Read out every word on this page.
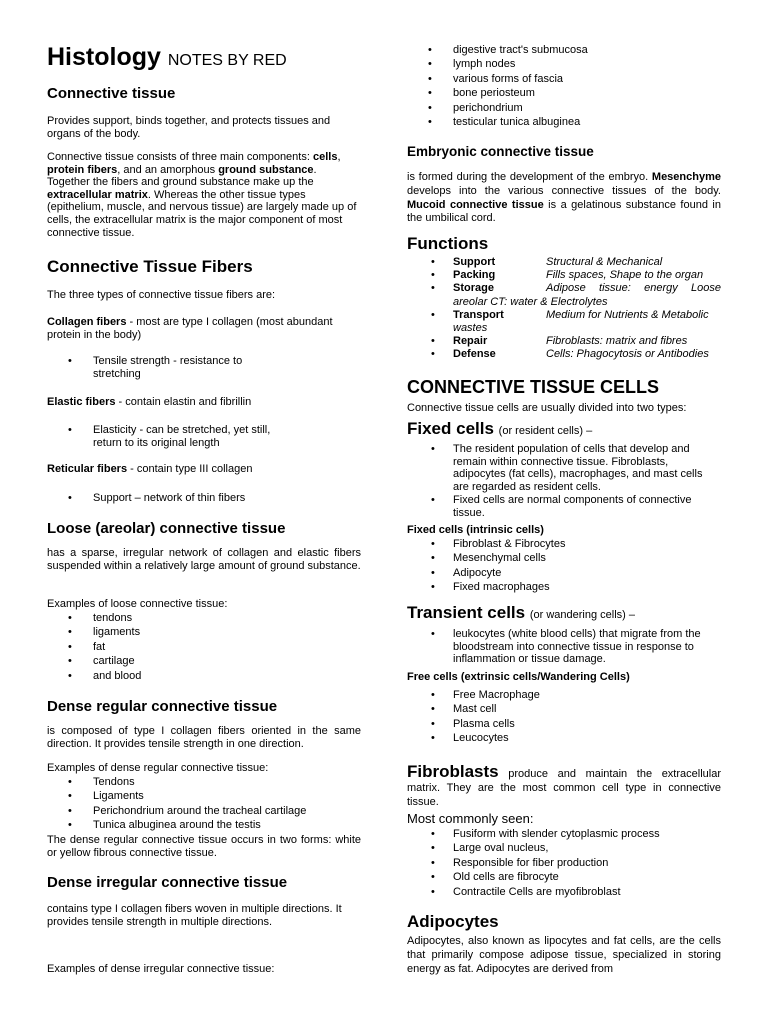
Histology NOTES BY RED
Connective tissue

Provides support, binds together, and protects tissues and organs of the body.

Connective tissue consists of three main components: cells, protein fibers, and an amorphous ground substance. Together the fibers and ground substance make up the extracellular matrix. Whereas the other tissue types (epithelium, muscle, and nervous tissue) are largely made up of cells, the extracellular matrix is the major component of most connective tissue.

Connective Tissue Fibers

The three types of connective tissue fibers are:

Collagen fibers - most are type I collagen (most abundant protein in the body)

• Tensile strength - resistance to stretching

Elastic fibers - contain elastin and fibrillin

• Elasticity - can be stretched, yet still, return to its original length

Reticular fibers - contain type III collagen

• Support – network of thin fibers
Loose (areolar) connective tissue

has a sparse, irregular network of collagen and elastic fibers suspended within a relatively large amount of ground substance.

Examples of loose connective tissue:

• tendons
• ligaments
• fat
• cartilage
• and blood
Dense regular connective tissue

is composed of type I collagen fibers oriented in the same direction. It provides tensile strength in one direction.

Examples of dense regular connective tissue:

• Tendons
• Ligaments
• Perichondrium around the tracheal cartilage
• Tunica albuginea around the testis

The dense regular connective tissue occurs in two forms: white or yellow fibrous connective tissue.

Dense irregular connective tissue

contains type I collagen fibers woven in multiple directions. It provides tensile strength in multiple directions.

Examples of dense irregular connective tissue:

• digestive tract's submucosa
• lymph nodes
• various forms of fascia
• bone periosteum
• perichondrium
• testicular tunica albuginea
Embryonic connective tissue

is formed during the development of the embryo. Mesenchyme develops into the various connective tissues of the body. Mucoid connective tissue is a gelatinous substance found in the umbilical cord.

Functions
• Support	Structural & Mechanical
• Packing	Fills spaces, Shape to the organ
• Storage	Adipose tissue: energy Loose areolar CT: water & Electrolytes
• Transport	Medium for Nutrients & Metabolic wastes
• Repair	Fibroblasts: matrix and fibres
• Defense	Cells: Phagocytosis or Antibodies
CONNECTIVE TISSUE CELLS

Connective tissue cells are usually divided into two types:

Fixed cells (or resident cells) –
• The resident population of cells that develop and remain within connective tissue. Fibroblasts, adipocytes (fat cells), macrophages, and mast cells are regarded as resident cells.
• Fixed cells are normal components of connective tissue.

Fixed cells (intrinsic cells)

• Fibroblast & Fibrocytes
• Mesenchymal cells
• Adipocyte
• Fixed macrophages
Transient cells (or wandering cells) –
• leukocytes (white blood cells) that migrate from the bloodstream into connective tissue in response to inflammation or tissue damage.

Free cells (extrinsic cells/Wandering Cells)

• Free Macrophage
• Mast cell
• Plasma cells
• Leucocytes

Fibroblasts produce and maintain the extracellular matrix. They are the most common cell type in connective tissue.

Most commonly seen:

• Fusiform with slender cytoplasmic process
• Large oval nucleus,
• Responsible for fiber production
• Old cells are fibrocyte
• Contractile Cells are myofibroblast
Adipocytes

Adipocytes, also known as lipocytes and fat cells, are the cells that primarily compose adipose tissue, specialized in storing energy as fat. Adipocytes are derived from
